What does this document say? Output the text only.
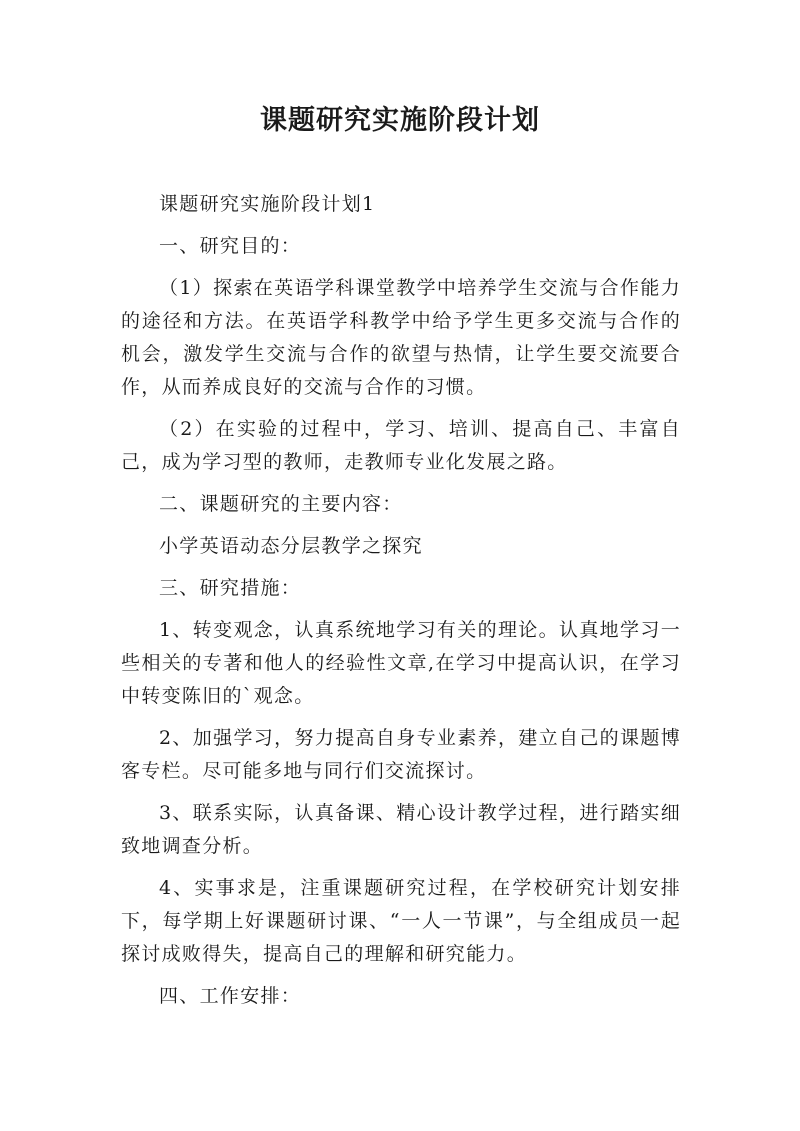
课题研究实施阶段计划

课题研究实施阶段计划1

一、研究目的：

（1）探索在英语学科课堂教学中培养学生交流与合作能力的途径和方法。在英语学科教学中给予学生更多交流与合作的机会，激发学生交流与合作的欲望与热情，让学生要交流要合作，从而养成良好的交流与合作的习惯。

（2）在实验的过程中，学习、培训、提高自己、丰富自己，成为学习型的教师，走教师专业化发展之路。

二、课题研究的主要内容：

小学英语动态分层教学之探究

三、研究措施：

1、转变观念，认真系统地学习有关的理论。认真地学习一些相关的专著和他人的经验性文章,在学习中提高认识，在学习中转变陈旧的`观念。

2、加强学习，努力提高自身专业素养，建立自己的课题博客专栏。尽可能多地与同行们交流探讨。

3、联系实际，认真备课、精心设计教学过程，进行踏实细致地调查分析。

4、实事求是，注重课题研究过程，在学校研究计划安排下，每学期上好课题研讨课、“一人一节课”，与全组成员一起探讨成败得失，提高自己的理解和研究能力。

四、工作安排：
